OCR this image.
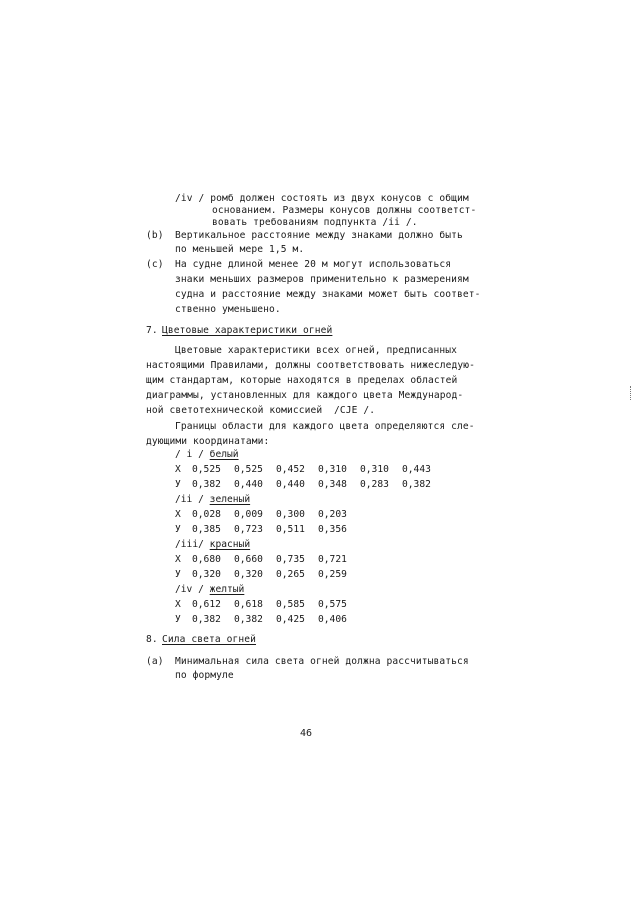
/iv / ромб должен состоять из двух конусов с общим
основанием. Размеры конусов должны соответст-
вовать требованиям подпункта /ii /.
(b) Вертикальное расстояние между знаками должно быть
по меньшей мере 1,5 м.
(c) На судне длиной менее 20 м могут использоваться
знаки меньших размеров применительно к размерениям
судна и расстояние между знаками может быть соответ-
ственно уменьшено.
7. Цветовые характеристики огней
Цветовые характеристики всех огней, предписанных
настоящими Правилами, должны соответствовать нижеследую-
щим стандартам, которые находятся в пределах областей
диаграммы, установленных для каждого цвета Международ-
ной светотехнической комиссией  /CJE /.
Границы области для каждого цвета определяются сле-
дующими координатами:
/ i / белый
X 0,525 0,525 0,452 0,310 0,310 0,443
У 0,382 0,440 0,440 0,348 0,283 0,382
/ii / зеленый
X 0,028 0,009 0,300 0,203
У 0,385 0,723 0,511 0,356
/iii/ красный
X 0,680 0,660 0,735 0,721
У 0,320 0,320 0,265 0,259
/iv / желтый
X 0,612 0,618 0,585 0,575
У 0,382 0,382 0,425 0,406
8. Сила света огней
(a) Минимальная сила света огней должна рассчитываться
по формуле
46
